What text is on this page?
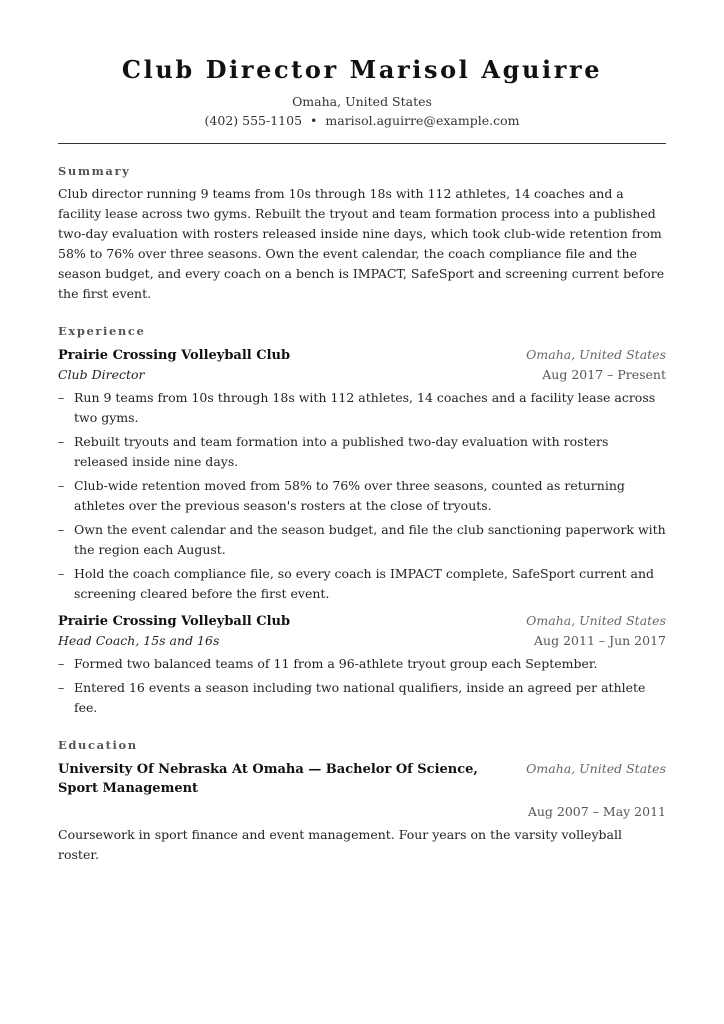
Club Director Marisol Aguirre
Omaha, United States
(402) 555-1105 • marisol.aguirre@example.com
Summary

Club director running 9 teams from 10s through 18s with 112 athletes, 14 coaches and a facility lease across two gyms. Rebuilt the tryout and team formation process into a published two-day evaluation with rosters released inside nine days, which took club-wide retention from 58% to 76% over three seasons. Own the event calendar, the coach compliance file and the season budget, and every coach on a bench is IMPACT, SafeSport and screening current before the first event.

Experience
Prairie Crossing Volleyball Club	Omaha, United States
Club Director	Aug 2017 – Present
– Run 9 teams from 10s through 18s with 112 athletes, 14 coaches and a facility lease across two gyms.
– Rebuilt tryouts and team formation into a published two-day evaluation with rosters released inside nine days.
– Club-wide retention moved from 58% to 76% over three seasons, counted as returning athletes over the previous season's rosters at the close of tryouts.
– Own the event calendar and the season budget, and file the club sanctioning paperwork with the region each August.
– Hold the coach compliance file, so every coach is IMPACT complete, SafeSport current and screening cleared before the first event.
Prairie Crossing Volleyball Club	Omaha, United States
Head Coach, 15s and 16s	Aug 2011 – Jun 2017
– Formed two balanced teams of 11 from a 96-athlete tryout group each September.
– Entered 16 events a season including two national qualifiers, inside an agreed per athlete fee.
Education
University Of Nebraska At Omaha — Bachelor Of Science, Sport Management
Omaha, United States
Aug 2007 – May 2011

Coursework in sport finance and event management. Four years on the varsity volleyball roster.
